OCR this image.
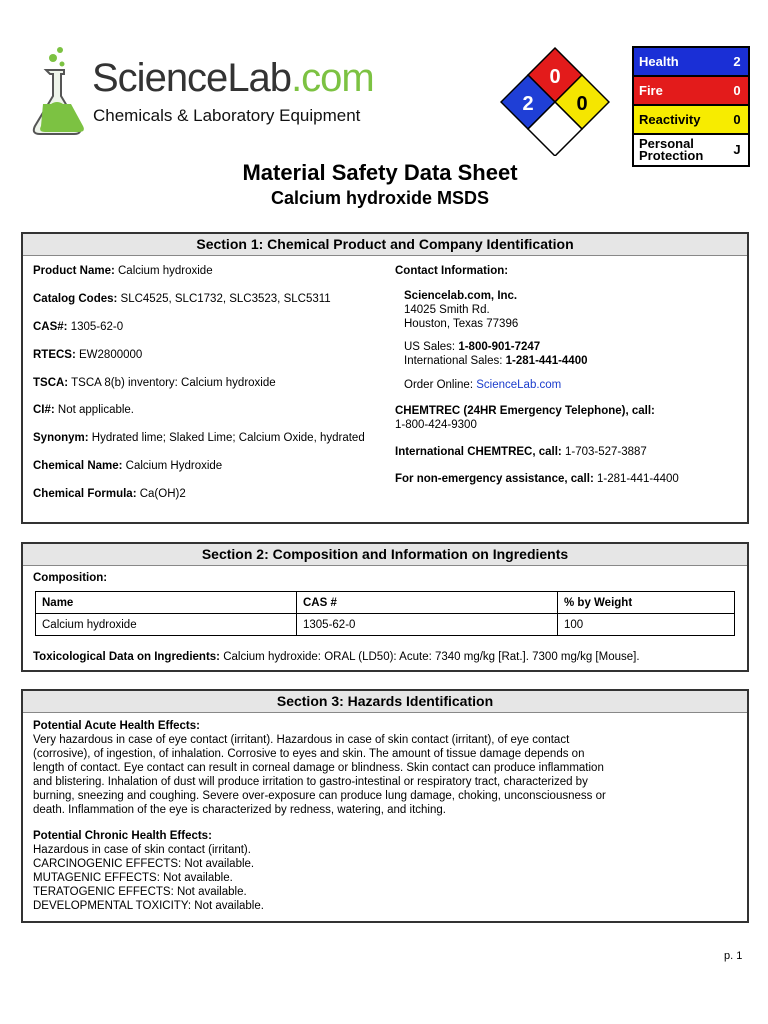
ScienceLab.com
Chemicals & Laboratory Equipment
0
2 0
Health	2
Fire	0
Reactivity	0
Personal
Protection	J
Material Safety Data Sheet
Calcium hydroxide MSDS
Section 1: Chemical Product and Company Identification
Product Name: Calcium hydroxide
Catalog Codes: SLC4525, SLC1732, SLC3523, SLC5311
CAS#: 1305-62-0
RTECS: EW2800000
TSCA: TSCA 8(b) inventory: Calcium hydroxide
CI#: Not applicable.
Synonym: Hydrated lime; Slaked Lime; Calcium Oxide, hydrated
Chemical Name: Calcium Hydroxide
Chemical Formula: Ca(OH)2
Contact Information:
Sciencelab.com, Inc.
14025 Smith Rd.
Houston, Texas 77396
US Sales: 1-800-901-7247
International Sales: 1-281-441-4400
Order Online: ScienceLab.com
CHEMTREC (24HR Emergency Telephone), call:
1-800-424-9300
International CHEMTREC, call: 1-703-527-3887
For non-emergency assistance, call: 1-281-441-4400
Section 2: Composition and Information on Ingredients
Composition:
Name	CAS #	% by Weight
Calcium hydroxide	1305-62-0	100
Toxicological Data on Ingredients: Calcium hydroxide: ORAL (LD50): Acute: 7340 mg/kg [Rat.]. 7300 mg/kg [Mouse].
Section 3: Hazards Identification
Potential Acute Health Effects:
Very hazardous in case of eye contact (irritant). Hazardous in case of skin contact (irritant), of eye contact
(corrosive), of ingestion, of inhalation. Corrosive to eyes and skin. The amount of tissue damage depends on
length of contact. Eye contact can result in corneal damage or blindness. Skin contact can produce inflammation
and blistering. Inhalation of dust will produce irritation to gastro-intestinal or respiratory tract, characterized by
burning, sneezing and coughing. Severe over-exposure can produce lung damage, choking, unconsciousness or
death. Inflammation of the eye is characterized by redness, watering, and itching.
Potential Chronic Health Effects:
Hazardous in case of skin contact (irritant).
CARCINOGENIC EFFECTS: Not available.
MUTAGENIC EFFECTS: Not available.
TERATOGENIC EFFECTS: Not available.
DEVELOPMENTAL TOXICITY: Not available.
p. 1
